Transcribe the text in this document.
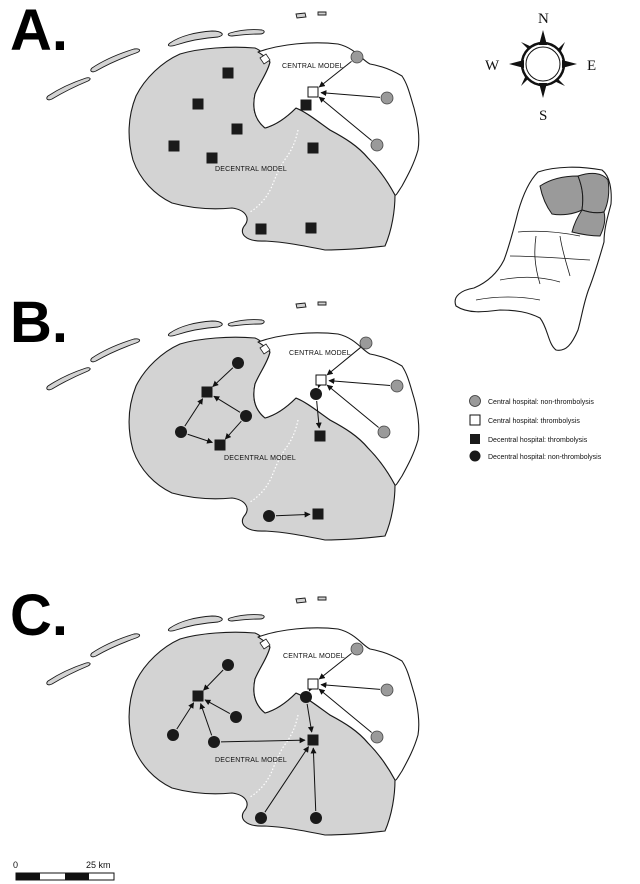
A.
CENTRAL MODEL
DECENTRAL MODEL
B.	CENTRAL MODEL
DECENTRAL MODEL
C.
CENTRAL MODEL
DECENTRAL MODEL
N
S
E
W
Central hospital: non-thrombolysis
Central hospital: thrombolysis
Decentral hospital: thrombolysis
Decentral hospital: non-thrombolysis
0	25 km
